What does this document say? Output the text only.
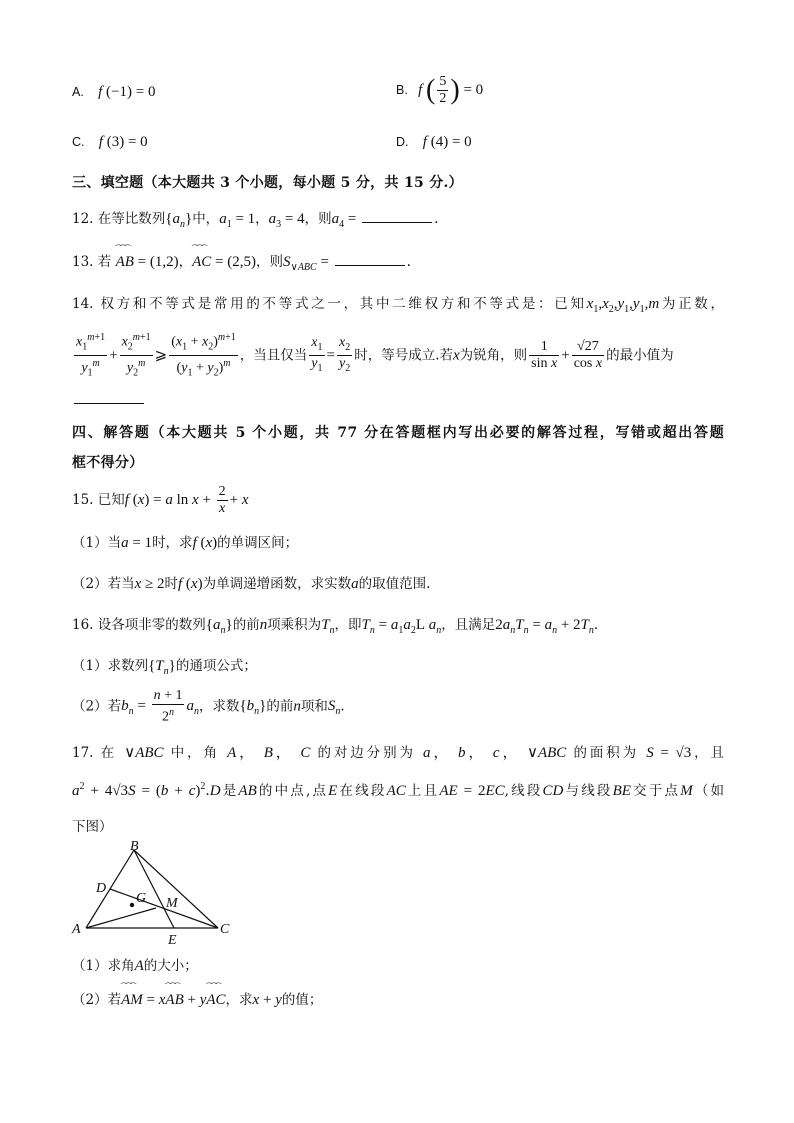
A. f (−1) = 0	B. f ( $\frac{5}{2}$ ) = 0
C. f (3) = 0	D. f (4) = 0
三、填空题（本大题共 3 个小题，每小题 5 分，共 15 分.）
12. 在等比数列$\{a_n\}$中，$a_1 = 1$，$a_3 = 4$，则$a_4$ =	.
13. 若 ⁀⁀⁀ AB = (1,2)，⁀⁀⁀ AC = (2,5)，则$S_{\vee ABC}$ =	.
14. 权方和不等式是常用的不等式之一，其中二维权方和不等式是：已知$x_1,x_2,y_1,y_1,m$为正数，
$\frac{x_1^{m+1}}{y_1^m} + \frac{x_2^{m+1}}{y_2^m}$ ⩾ $\frac{(x_1 + x_2)^{m+1}}{(y_1 + y_2)^m}$ ，当且仅当 $\frac{x_1}{y_1} = \frac{x_2}{y_2}$ 时，等号成立.若x为锐角，则 $\frac{1}{\text{sin x}} + \frac{√27}{\text{cos x}}$ 的最小值为
四、解答题（本大题共 5 个小题，共 77 分在答题框内写出必要的解答过程，写错或超出答题
框不得分）
15. 已知f (x) = a $\ln x + \frac{2}{x} + x$
（1）当a = 1时，求f (x)的单调区间；
（2）若当x ≥ 2时f (x)为单调递增函数，求实数a的取值范围.
16. 设各项非零的数列$\{a_n\}$的前n项乘积为$T_n$，即$T_n = a_1a_2L$ $a_n$，且满足$2a_nT_n = a_n + 2T_n$.
（1）求数列$\{T_n\}$的通项公式；
（2）若$b_n = \frac{n + 1}{2^n} a_n$，求数$\{b_n\}$的前n项和$S_n$.
17. 在 ∨ABC 中，角 A， B， C 的对边分别为 a， b， c， ∨ABC 的面积为 S = √3，且
$a^2 + 4√3S = (b + c)^2.D$是AB的中点,点E在线段AC上且AE = 2EC,线段CD与线段BE交于点M（如
下图）
B
D
G M
A
E
C
（1）求角A的大小；
（2）若⁀⁀⁀ AM = x⁀⁀⁀ AB + y⁀⁀⁀ AC，求x + y的值；
